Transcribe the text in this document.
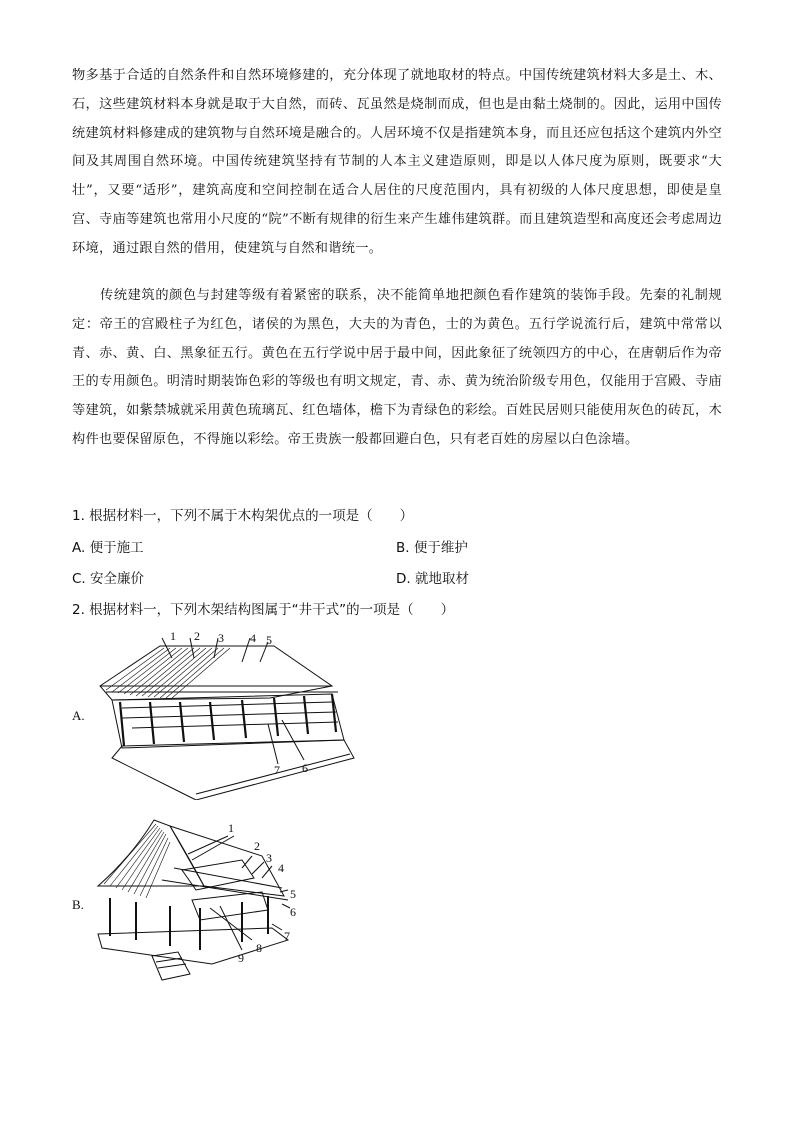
物多基于合适的自然条件和自然环境修建的，充分体现了就地取材的特点。中国传统建筑材料大多是土、木、石，这些建筑材料本身就是取于大自然，而砖、瓦虽然是烧制而成，但也是由黏土烧制的。因此，运用中国传统建筑材料修建成的建筑物与自然环境是融合的。人居环境不仅是指建筑本身，而且还应包括这个建筑内外空间及其周围自然环境。中国传统建筑坚持有节制的人本主义建造原则，即是以人体尺度为原则，既要求“大壮”，又要“适形”，建筑高度和空间控制在适合人居住的尺度范围内，具有初级的人体尺度思想，即使是皇宫、寺庙等建筑也常用小尺度的“院”不断有规律的衍生来产生雄伟建筑群。而且建筑造型和高度还会考虑周边环境，通过跟自然的借用，使建筑与自然和谐统一。
传统建筑的颜色与封建等级有着紧密的联系，决不能简单地把颜色看作建筑的装饰手段。先秦的礼制规定：帝王的宫殿柱子为红色，诸侯的为黑色，大夫的为青色，士的为黄色。五行学说流行后，建筑中常常以青、赤、黄、白、黑象征五行。黄色在五行学说中居于最中间，因此象征了统领四方的中心，在唐朝后作为帝王的专用颜色。明清时期装饰色彩的等级也有明文规定，青、赤、黄为统治阶级专用色，仅能用于宫殿、寺庙等建筑，如紫禁城就采用黄色琉璃瓦、红色墙体，檐下为青绿色的彩绘。百姓民居则只能使用灰色的砖瓦，木构件也要保留原色，不得施以彩绘。帝王贵族一般都回避白色，只有老百姓的房屋以白色涂墙。
1. 根据材料一，下列不属于木构架优点的一项是（　　）
A. 便于施工	B. 便于维护
C. 安全廉价	D. 就地取材
2. 根据材料一，下列木架结构图属于“井干式”的一项是（　　）
A.
1 2 3 4 5
6
7
B.
1
2
3
4
5
6
7
8
9
